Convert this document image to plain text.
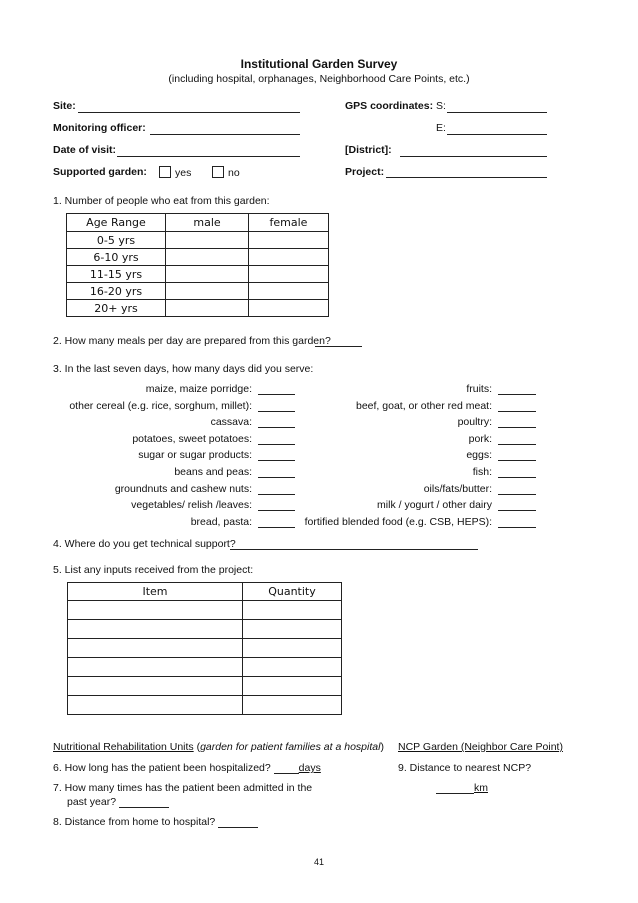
Institutional Garden Survey
(including hospital, orphanages, Neighborhood Care Points, etc.)
Site:	GPS coordinates: S:
Monitoring officer:	E:
Date of visit:	[District]:
Supported garden:	yes	no	Project:
1. Number of people who eat from this garden:
Age Range	male	female
0-5 yrs		
6-10 yrs		
11-15 yrs		
16-20 yrs		
20+ yrs		
2. How many meals per day are prepared from this garden?
3. In the last seven days, how many days did you serve:
maize, maize porridge:
other cereal (e.g. rice, sorghum, millet):
cassava:
potatoes, sweet potatoes:
sugar or sugar products:
beans and peas:
groundnuts and cashew nuts:
vegetables/ relish /leaves:
bread, pasta:
fruits:
beef, goat, or other red meat:
poultry:
pork:
eggs:
fish:
oils/fats/butter:
milk / yogurt / other dairy
fortified blended food (e.g. CSB, HEPS):
4. Where do you get technical support?
5. List any inputs received from the project:
Item	Quantity

Nutritional Rehabilitation Units (garden for patient families at a hospital) NCP Garden (Neighbor Care Point)
6. How long has the patient been hospitalized?	days	9. Distance to nearest NCP?
7. How many times has the patient been admitted in the	km
past year?
8. Distance from home to hospital?
41
